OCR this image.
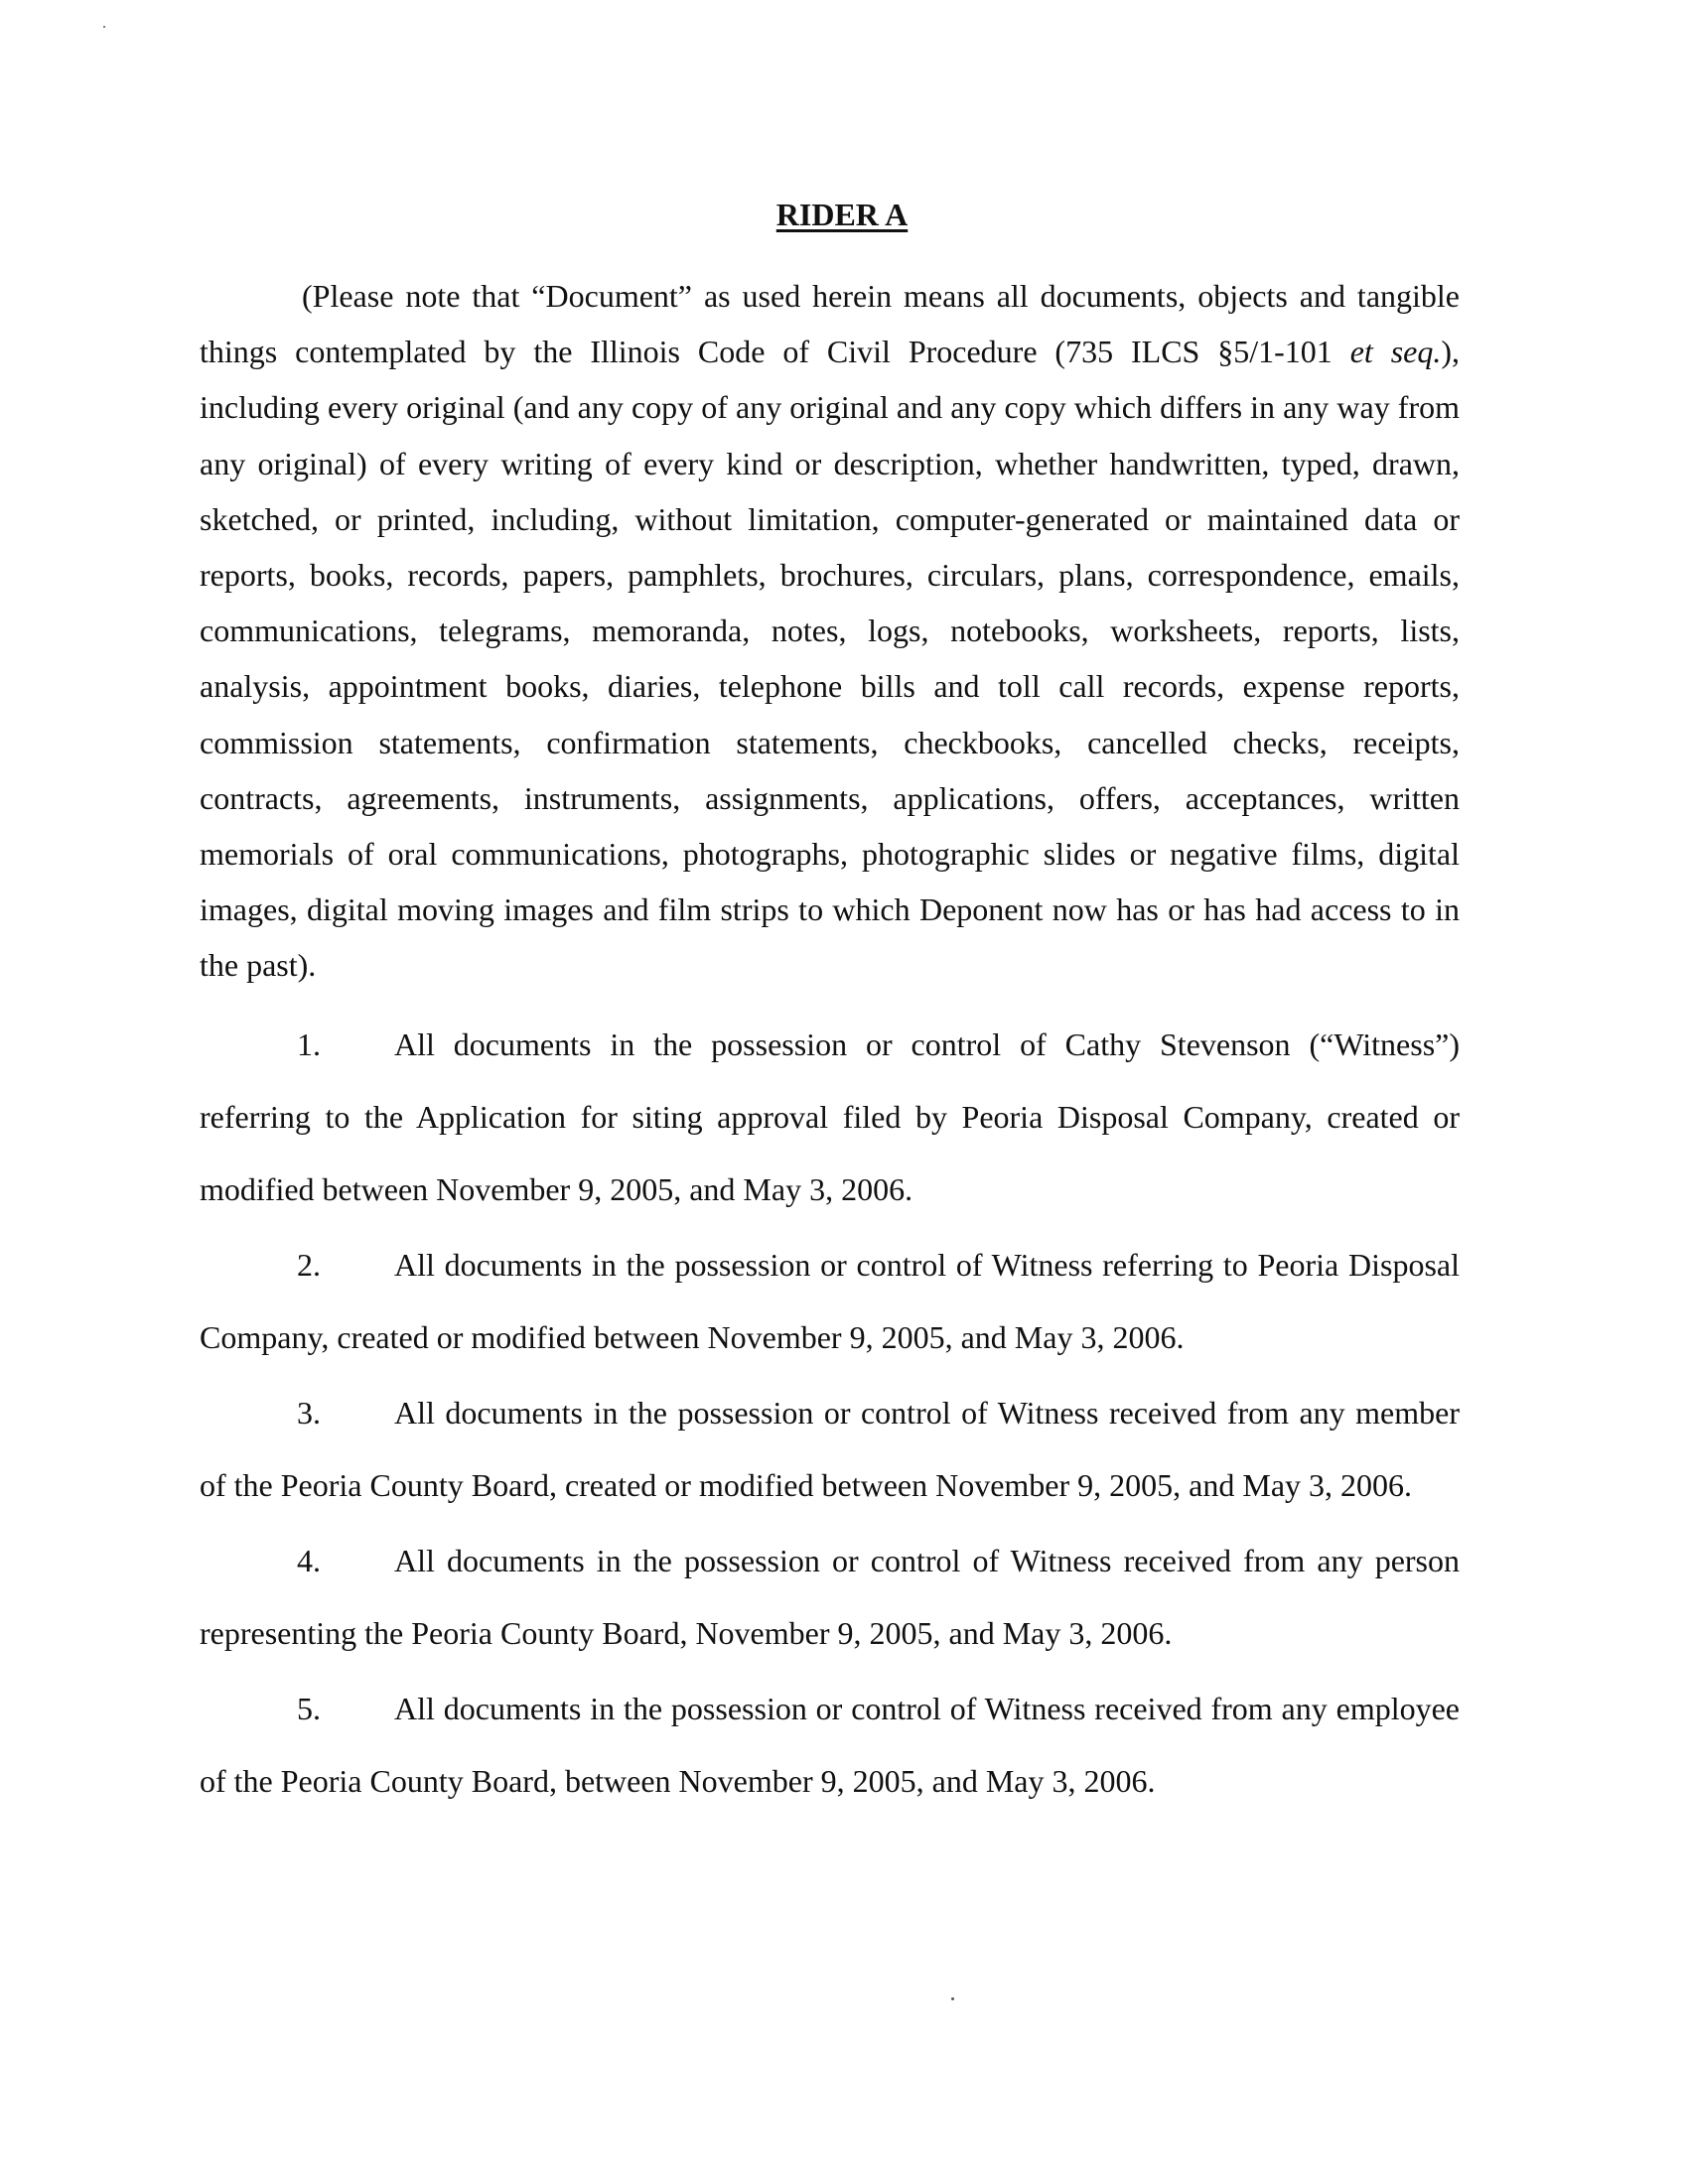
RIDER A

(Please note that “Document” as used herein means all documents, objects and tangible things contemplated by the Illinois Code of Civil Procedure (735 ILCS §5/1-101 et seq.), including every original (and any copy of any original and any copy which differs in any way from any original) of every writing of every kind or description, whether handwritten, typed, drawn, sketched, or printed, including, without limitation, computer-generated or maintained data or reports, books, records, papers, pamphlets, brochures, circulars, plans, correspondence, emails, communications, telegrams, memoranda, notes, logs, notebooks, worksheets, reports, lists, analysis, appointment books, diaries, telephone bills and toll call records, expense reports, commission statements, confirmation statements, checkbooks, cancelled checks, receipts, contracts, agreements, instruments, assignments, applications, offers, acceptances, written memorials of oral communications, photographs, photographic slides or negative films, digital images, digital moving images and film strips to which Deponent now has or has had access to in the past).

1. All documents in the possession or control of Cathy Stevenson (“Witness”) referring to the Application for siting approval filed by Peoria Disposal Company, created or modified between November 9, 2005, and May 3, 2006.

2. All documents in the possession or control of Witness referring to Peoria Disposal Company, created or modified between November 9, 2005, and May 3, 2006.

3. All documents in the possession or control of Witness received from any member of the Peoria County Board, created or modified between November 9, 2005, and May 3, 2006.

4. All documents in the possession or control of Witness received from any person representing the Peoria County Board, November 9, 2005, and May 3, 2006.

5. All documents in the possession or control of Witness received from any employee of the Peoria County Board, between November 9, 2005, and May 3, 2006.
